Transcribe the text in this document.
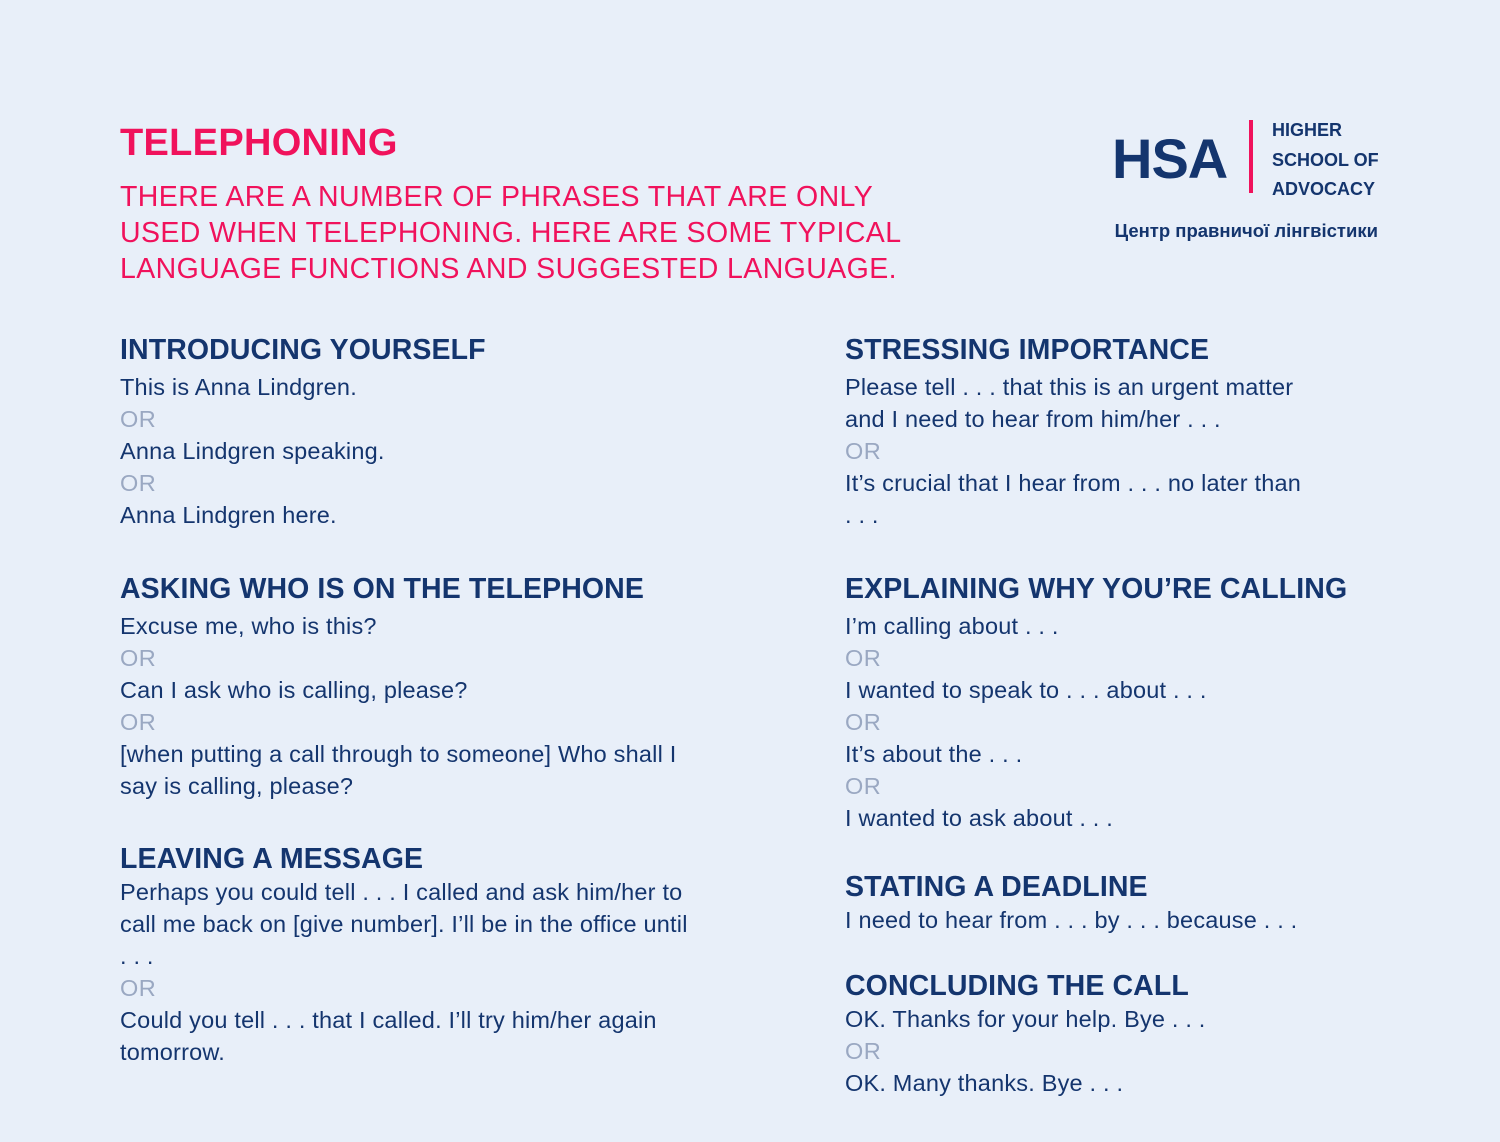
TELEPHONING
THERE ARE A NUMBER OF PHRASES THAT ARE ONLY USED WHEN TELEPHONING. HERE ARE SOME TYPICAL LANGUAGE FUNCTIONS AND SUGGESTED LANGUAGE.
HSA HIGHER
SCHOOL OF
ADVOCACY
Центр правничої лінгвістики
INTRODUCING YOURSELF
This is Anna Lindgren.
OR
Anna Lindgren speaking.
OR
Anna Lindgren here.
ASKING WHO IS ON THE TELEPHONE
Excuse me, who is this?
OR
Can I ask who is calling, please?
OR
[when putting a call through to someone] Who shall I
say is calling, please?
LEAVING A MESSAGE
Perhaps you could tell . . . I called and ask him/her to
call me back on [give number]. I’ll be in the office until
. . .
OR
Could you tell . . . that I called. I’ll try him/her again
tomorrow.
STRESSING IMPORTANCE
Please tell . . . that this is an urgent matter
and I need to hear from him/her . . .
OR
It’s crucial that I hear from . . . no later than
. . .
EXPLAINING WHY YOU’RE CALLING
I’m calling about . . .
OR
I wanted to speak to . . . about . . .
OR
It’s about the . . .
OR
I wanted to ask about . . .
STATING A DEADLINE
I need to hear from . . . by . . . because . . .
CONCLUDING THE CALL
OK. Thanks for your help. Bye . . .
OR
OK. Many thanks. Bye . . .
